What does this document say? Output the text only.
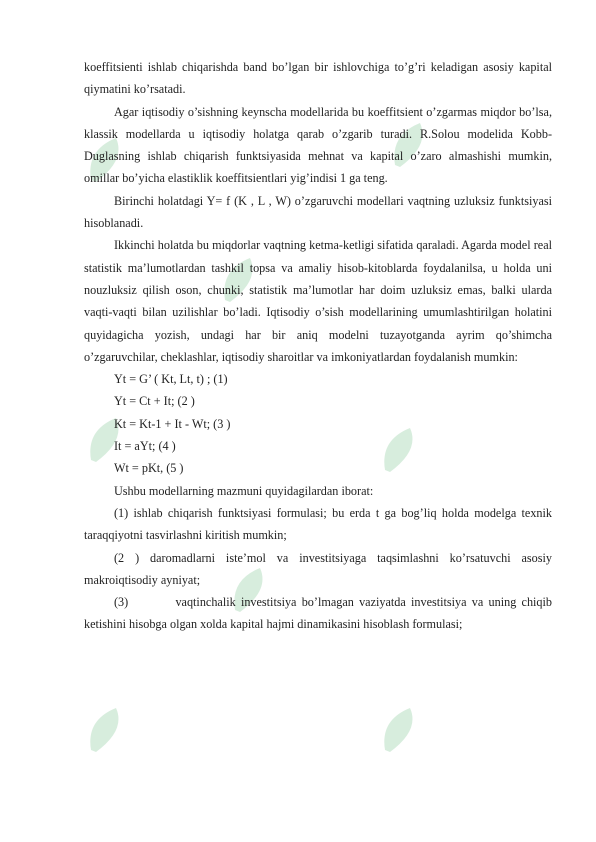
koeffitsienti ishlab chiqarishda band bo’lgan bir ishlovchiga to’g’ri keladigan asosiy kapital qiymatini ko’rsatadi.

Agar iqtisodiy o’sishning keynscha modellarida bu koeffitsient o’zgarmas miqdor bo’lsa, klassik modellarda u iqtisodiy holatga qarab o’zgarib turadi. R.Solou modelida Kobb-Duglasning ishlab chiqarish funktsiyasida mehnat va kapital o’zaro almashishi mumkin, omillar bo’yicha elastiklik koeffitsientlari yig’indisi 1 ga teng.

Birinchi holatdagi Y= f (K , L , W) o’zgaruvchi modellari vaqtning uzluksiz funktsiyasi hisoblanadi.

Ikkinchi holatda bu miqdorlar vaqtning ketma-ketligi sifatida qaraladi. Agarda model real statistik ma’lumotlardan tashkil topsa va amaliy hisob-kitoblarda foydalanilsa, u holda uni nouzluksiz qilish oson, chunki, statistik ma’lumotlar har doim uzluksiz emas, balki ularda vaqti-vaqti bilan uzilishlar bo’ladi. Iqtisodiy o’sish modellarining umumlashtirilgan holatini quyidagicha yozish, undagi har bir aniq modelni tuzayotganda ayrim qo’shimcha o’zgaruvchilar, cheklashlar, iqtisodiy sharoitlar va imkoniyatlardan foydalanish mumkin:

Yt = G’ ( Kt, Lt, t) ; (1)

Yt = Ct + It; (2 )

Kt = Kt-1 + It - Wt; (3 )

It = aYt; (4 )

Wt = pKt, (5 )

Ushbu modellarning mazmuni quyidagilardan iborat:

(1) ishlab chiqarish funktsiyasi formulasi; bu erda t ga bog’liq holda modelga texnik taraqqiyotni tasvirlashni kiritish mumkin;

(2 ) daromadlarni iste’mol va investitsiyaga taqsimlashni ko’rsatuvchi asosiy makroiqtisodiy ayniyat;

(3)	vaqtinchalik investitsiya bo’lmagan vaziyatda investitsiya va uning chiqib ketishini hisobga olgan xolda kapital hajmi dinamikasini hisoblash formulasi;
